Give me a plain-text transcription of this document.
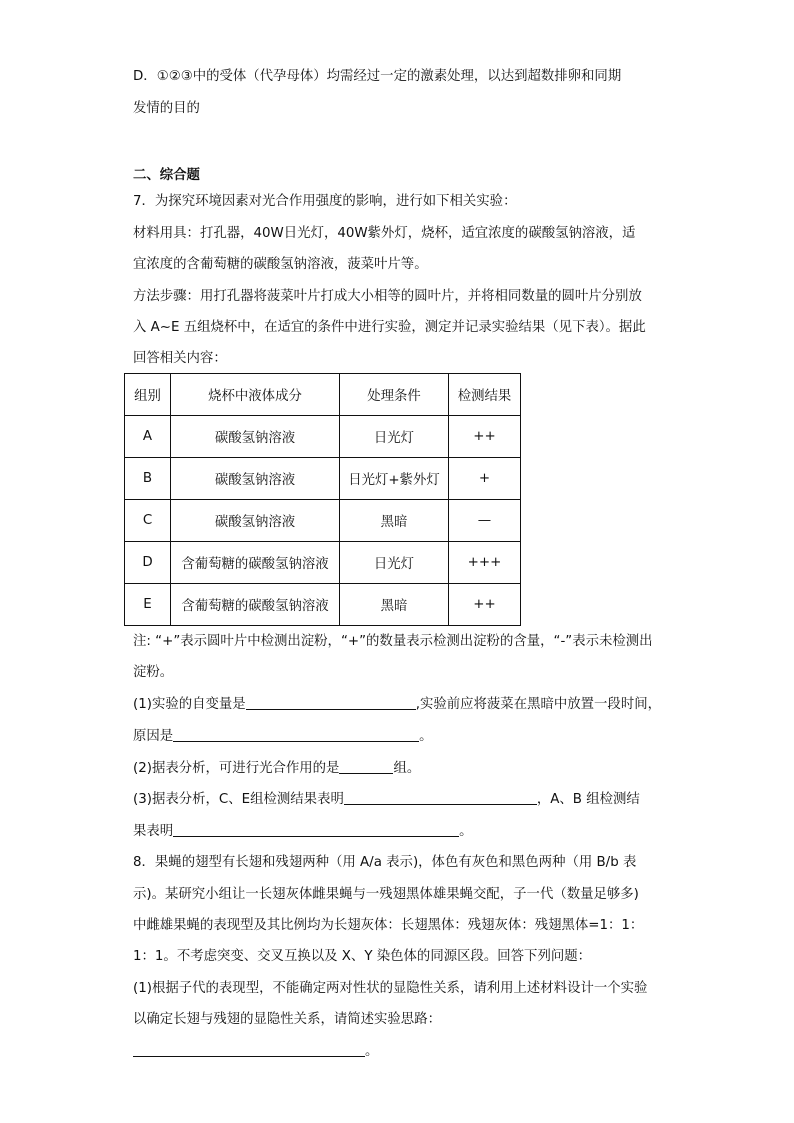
D．①②③中的受体（代孕母体）均需经过一定的激素处理，以达到超数排卵和同期
发情的目的
二、综合题
7．为探究环境因素对光合作用强度的影响，进行如下相关实验：
材料用具：打孔器，40W日光灯，40W紫外灯，烧杯，适宜浓度的碳酸氢钠溶液，适
宜浓度的含葡萄糖的碳酸氢钠溶液，菠菜叶片等。
方法步骤：用打孔器将菠菜叶片打成大小相等的圆叶片，并将相同数量的圆叶片分别放
入 A~E 五组烧杯中，在适宜的条件中进行实验，测定并记录实验结果（见下表）。据此
回答相关内容：
组别	烧杯中液体成分	处理条件	检测结果
A	碳酸氢钠溶液	日光灯	++
B	碳酸氢钠溶液	日光灯+紫外灯	+
C	碳酸氢钠溶液	黑暗	—
D	含葡萄糖的碳酸氢钠溶液	日光灯	+++
E	含葡萄糖的碳酸氢钠溶液	黑暗	++
注: “+”表示圆叶片中检测出淀粉，“+”的数量表示检测出淀粉的含量，“-”表示未检测出
淀粉。
(1)实验的自变量是	,实验前应将菠菜在黑暗中放置一段时间，
原因是	。
(2)据表分析，可进行光合作用的是	组。
(3)据表分析，C、E组检测结果表明	，A、B 组检测结
果表明	。
8．果蝇的翅型有长翅和残翅两种（用 A/a 表示)，体色有灰色和黑色两种（用 B/b 表
示)。某研究小组让一长翅灰体雌果蝇与一残翅黑体雄果蝇交配，子一代（数量足够多)
中雌雄果蝇的表现型及其比例均为长翅灰体：长翅黑体：残翅灰体：残翅黑体=1：1：
1：1。不考虑突变、交叉互换以及 X、Y 染色体的同源区段。回答下列问题：
(1)根据子代的表现型，不能确定两对性状的显隐性关系，请利用上述材料设计一个实验
以确定长翅与残翅的显隐性关系，请简述实验思路：
。
